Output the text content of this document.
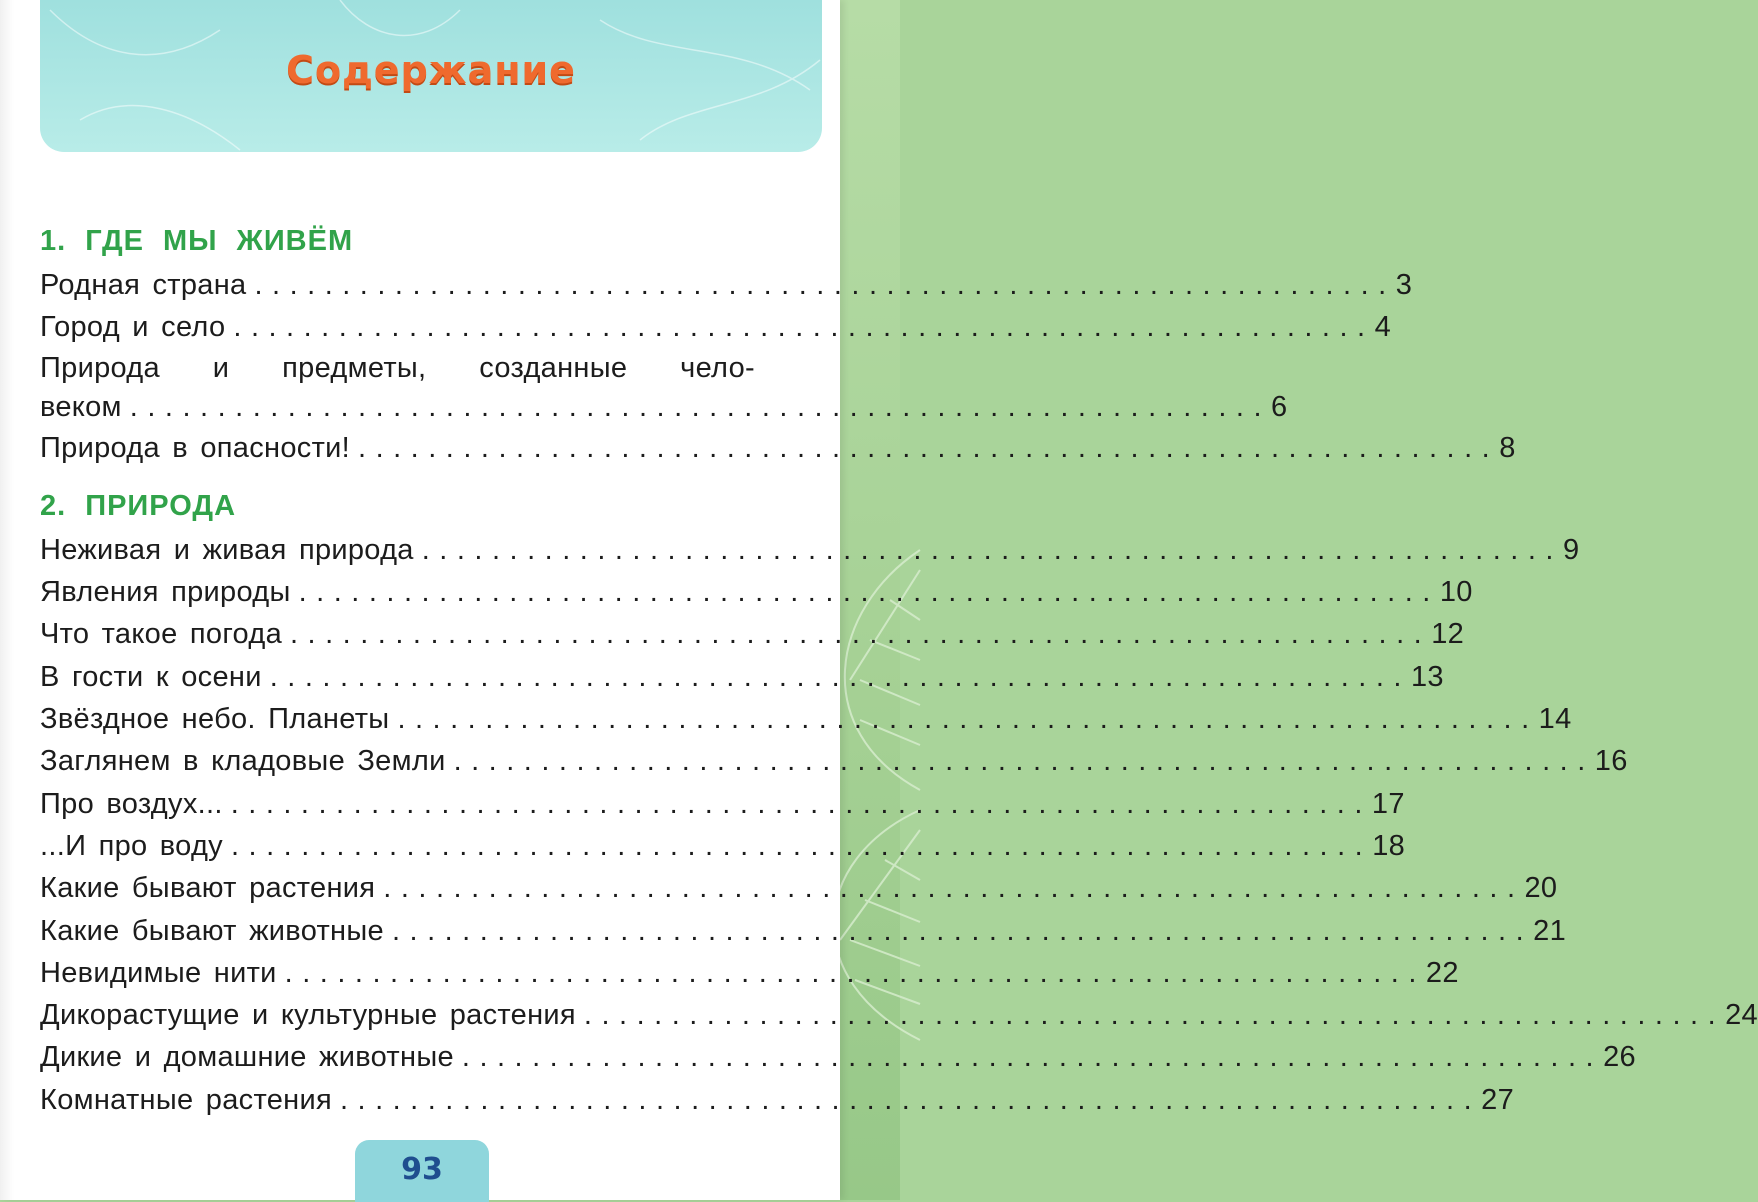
Содержание
1. ГДЕ МЫ ЖИВЁМ
Родная страна ................................................................. 3
Город и село ................................................................. 4
Природа и предметы, созданные чело-
веком ................................................................. 6
Природа в опасности! ................................................................. 8
2. ПРИРОДА
Неживая и живая природа ................................................................. 9
Явления природы ................................................................. 10
Что такое погода ................................................................. 12
В гости к осени ................................................................. 13
Звёздное небо. Планеты ................................................................. 14
Заглянем в кладовые Земли ................................................................. 16
Про воздух... ................................................................. 17
...И про воду ................................................................. 18
Какие бывают растения ................................................................. 20
Какие бывают животные ................................................................. 21
Невидимые нити ................................................................. 22
Дикорастущие и культурные растения ................................................................. 24
Дикие и домашние животные ................................................................. 26
Комнатные растения ................................................................. 27
93
